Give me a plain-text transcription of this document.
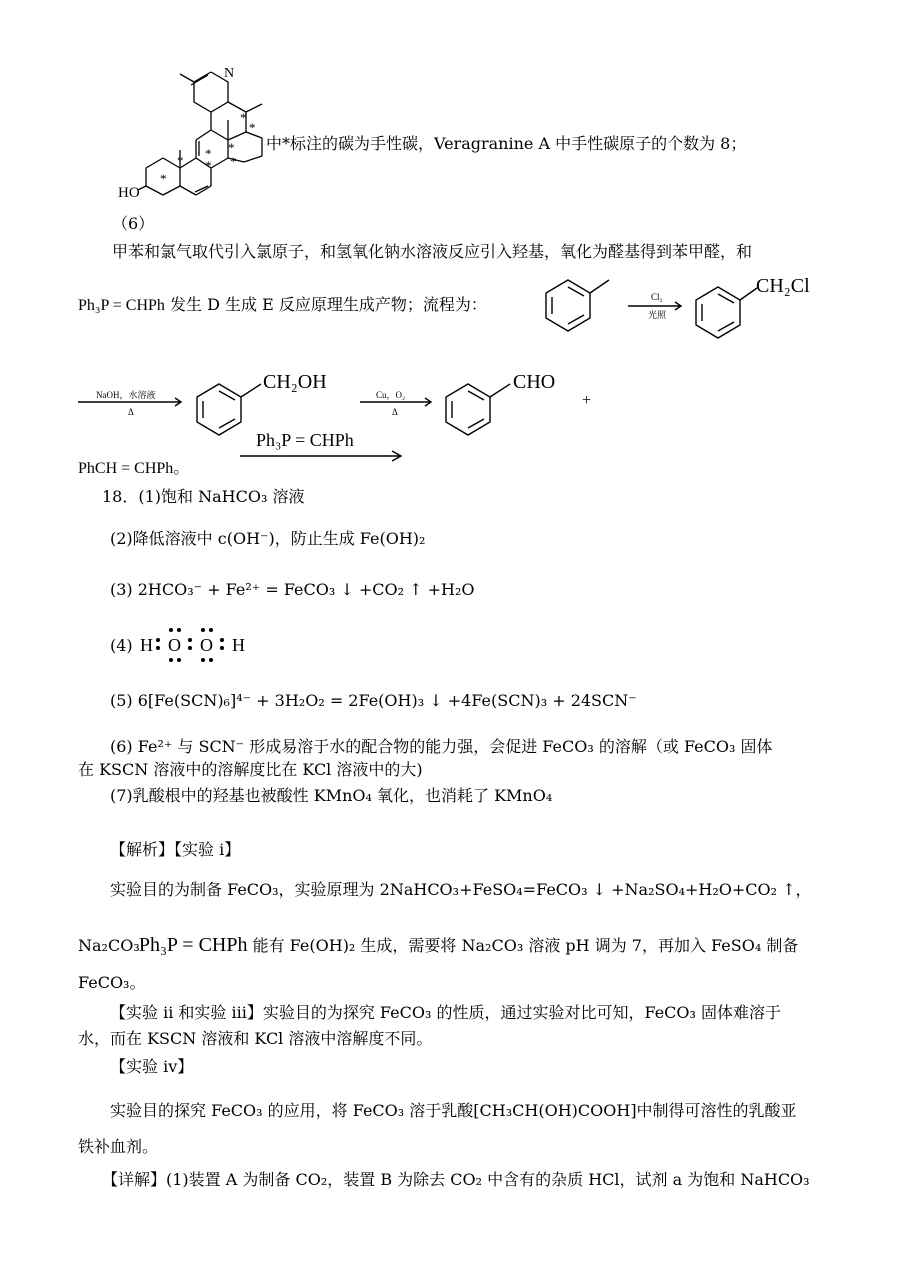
N
HO
*
*
* *
* * *
*
中*标注的碳为手性碳，Veragranine A 中手性碳原子的个数为 8；
（6）
甲苯和氯气取代引入氯原子，和氢氧化钠水溶液反应引入羟基，氧化为醛基得到苯甲醛，和
Ph₃P = CHPh 发生 D 生成 E 反应原理生成产物；流程为：	Cl₂
光照
CH₂Cl
NaOH，水溶液
Δ
CH₂OH
Cu，O₂
Δ
CHO
+
Ph₃P = CHPh
PhCH = CHPh。
18．(1)饱和 NaHCO₃ 溶液
(2)降低溶液中 c(OH⁻)，防止生成 Fe(OH)₂
(3) 2HCO₃⁻ + Fe²⁺ = FeCO₃ ↓ +CO₂ ↑ +H₂O
(4) H O O H
(5) 6[Fe(SCN)₆]⁴⁻ + 3H₂O₂ = 2Fe(OH)₃ ↓ +4Fe(SCN)₃ + 24SCN⁻
(6) Fe²⁺ 与 SCN⁻ 形成易溶于水的配合物的能力强，会促进 FeCO₃ 的溶解（或 FeCO₃ 固体
在 KSCN 溶液中的溶解度比在 KCl 溶液中的大)
(7)乳酸根中的羟基也被酸性 KMnO₄ 氧化，也消耗了 KMnO₄
【解析】【实验 i】
实验目的为制备 FeCO₃，实验原理为 2NaHCO₃+FeSO₄=FeCO₃ ↓ +Na₂SO₄+H₂O+CO₂ ↑，
Na₂CO₃ Ph₃P = CHPh 能有 Fe(OH)₂ 生成，需要将 Na₂CO₃ 溶液 pH 调为 7，再加入 FeSO₄ 制备
FeCO₃。
【实验 ii 和实验 iii】实验目的为探究 FeCO₃ 的性质，通过实验对比可知，FeCO₃ 固体难溶于
水，而在 KSCN 溶液和 KCl 溶液中溶解度不同。
【实验 iv】
实验目的探究 FeCO₃ 的应用，将 FeCO₃ 溶于乳酸[CH₃CH(OH)COOH]中制得可溶性的乳酸亚
铁补血剂。
【详解】(1)装置 A 为制备 CO₂，装置 B 为除去 CO₂ 中含有的杂质 HCl，试剂 a 为饱和 NaHCO₃
